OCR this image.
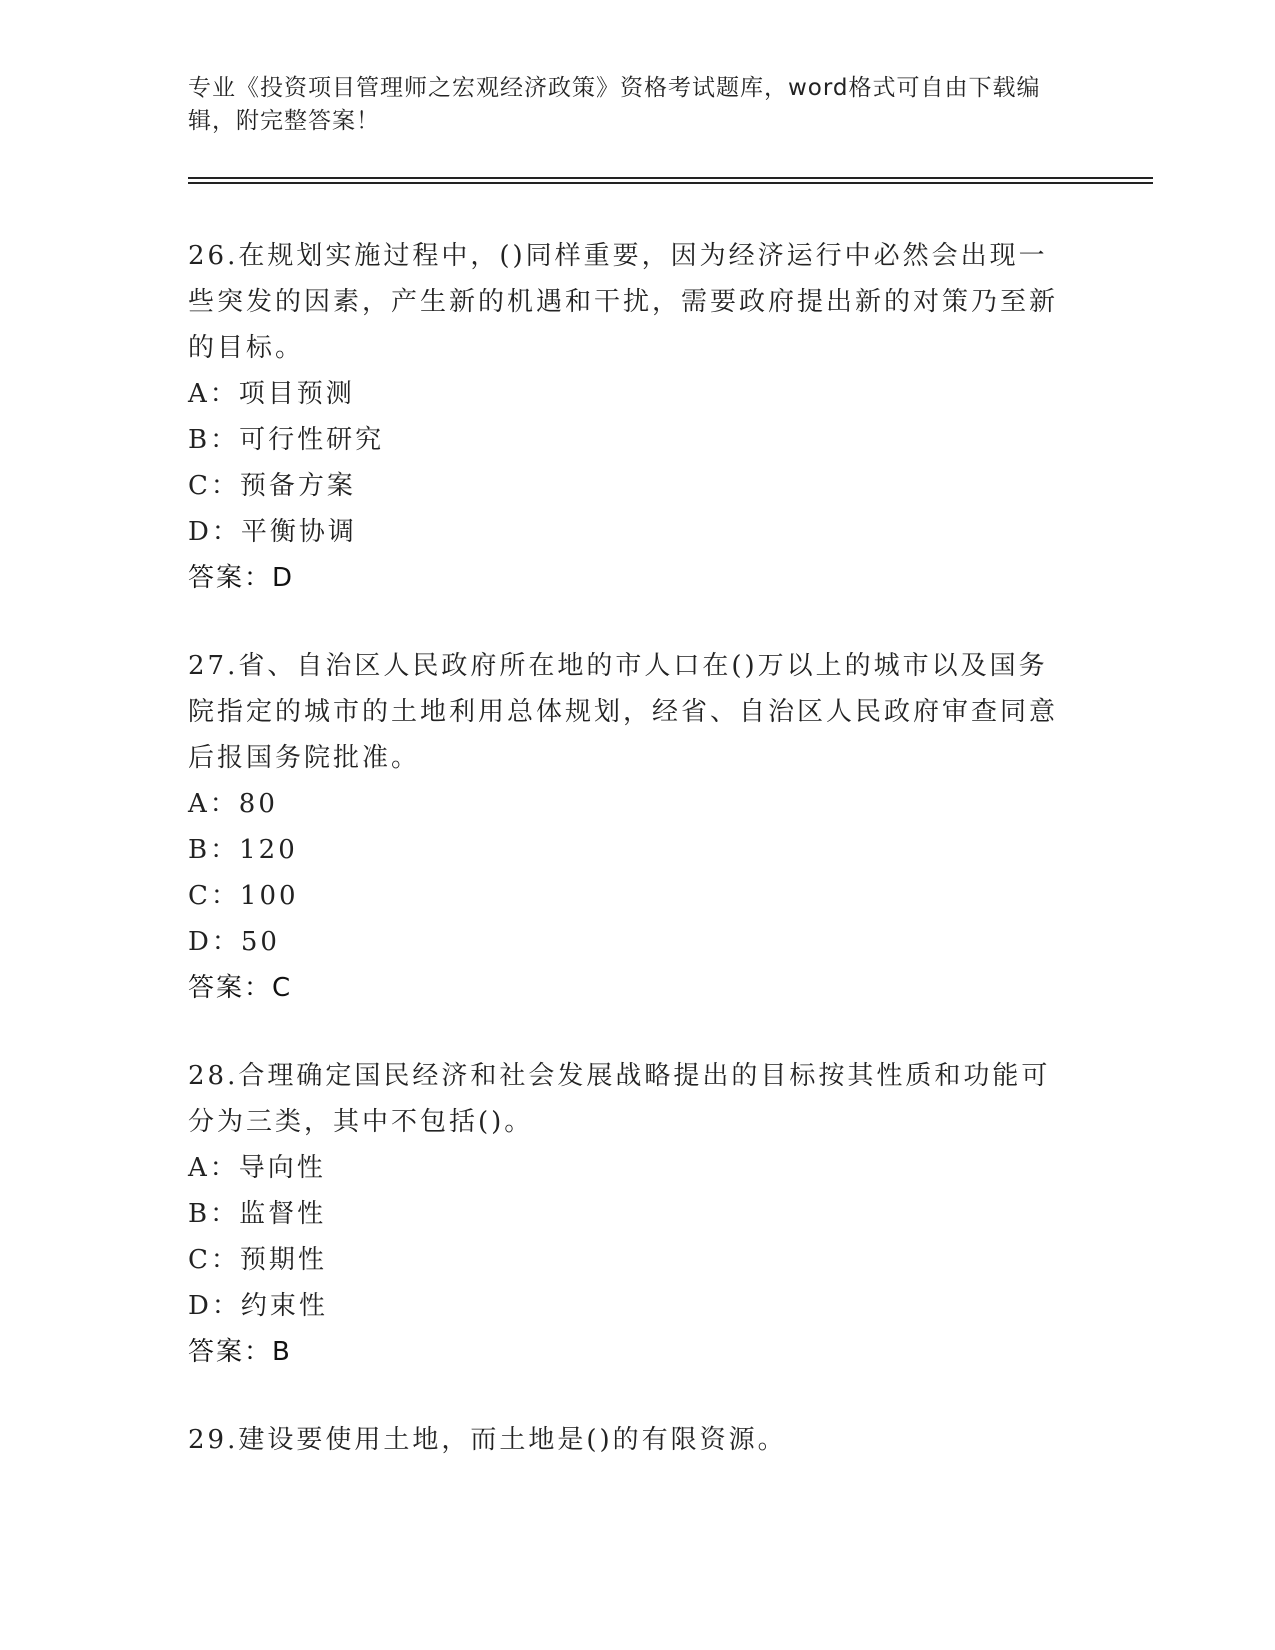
专业《投资项目管理师之宏观经济政策》资格考试题库，word格式可自由下载编辑，附完整答案！

26.在规划实施过程中，()同样重要，因为经济运行中必然会出现一些突发的因素，产生新的机遇和干扰，需要政府提出新的对策乃至新的目标。

A：项目预测

B：可行性研究

C：预备方案

D：平衡协调

答案：D

27.省、自治区人民政府所在地的市人口在()万以上的城市以及国务院指定的城市的土地利用总体规划，经省、自治区人民政府审查同意后报国务院批准。

A：80

B：120

C：100

D：50

答案：C

28.合理确定国民经济和社会发展战略提出的目标按其性质和功能可分为三类，其中不包括()。

A：导向性

B：监督性

C：预期性

D：约束性

答案：B

29.建设要使用土地，而土地是()的有限资源。
